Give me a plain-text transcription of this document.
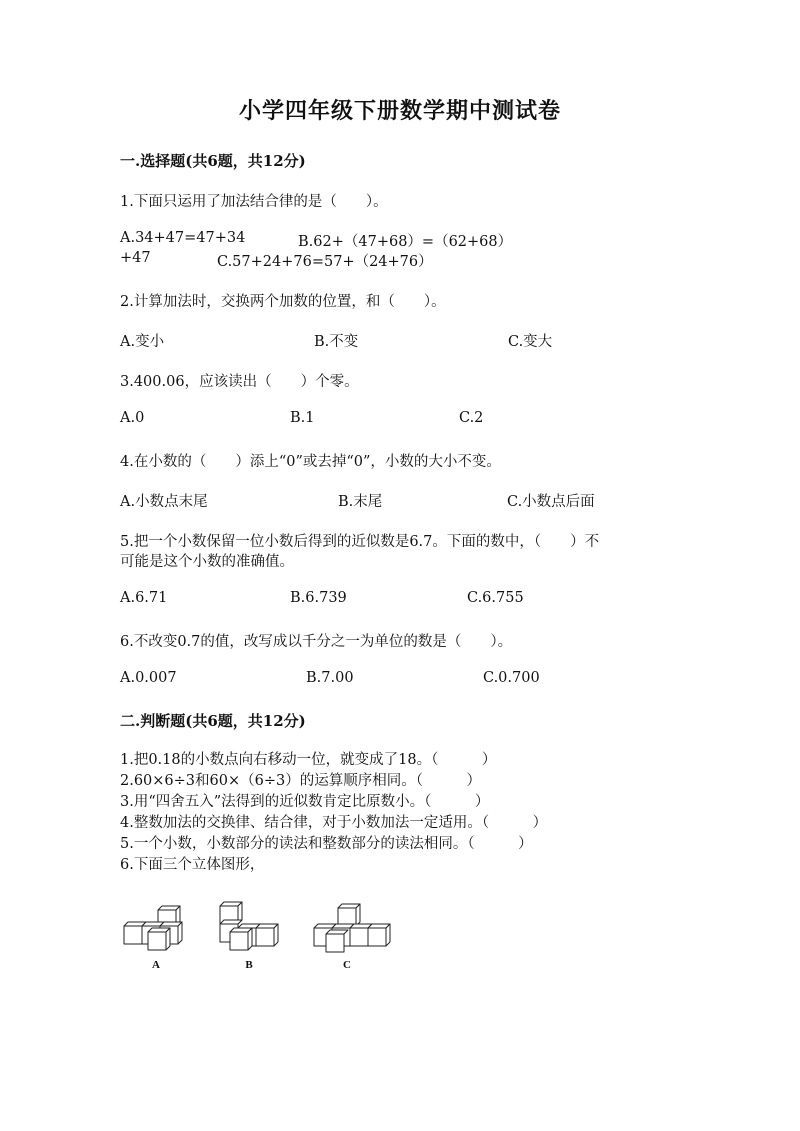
小学四年级下册数学期中测试卷
一.选择题(共6题，共12分)
1.下面只运用了加法结合律的是（　　）。
A.34+47=47+34	B.62+（47+68）=（62+68）
+47	C.57+24+76=57+（24+76）
2.计算加法时，交换两个加数的位置，和（　　）。
A.变小	B.不变	C.变大
3.400.06，应该读出（　　）个零。
A.0	B.1	C.2
4.在小数的（　　）添上“0”或去掉“0”，小数的大小不变。
A.小数点末尾	B.末尾	C.小数点后面
5.把一个小数保留一位小数后得到的近似数是6.7。下面的数中，（　　）不
可能是这个小数的准确值。
A.6.71	B.6.739	C.6.755
6.不改变0.7的值，改写成以千分之一为单位的数是（　　）。
A.0.007	B.7.00	C.0.700
二.判断题(共6题，共12分)
1.把0.18的小数点向右移动一位，就变成了18。（　　　）
2.60×6÷3和60×（6÷3）的运算顺序相同。（　　　）
3.用“四舍五入”法得到的近似数肯定比原数小。（　　　）
4.整数加法的交换律、结合律，对于小数加法一定适用。（　　　）
5.一个小数，小数部分的读法和整数部分的读法相同。（　　　）
6.下面三个立体图形，
A	B	C
